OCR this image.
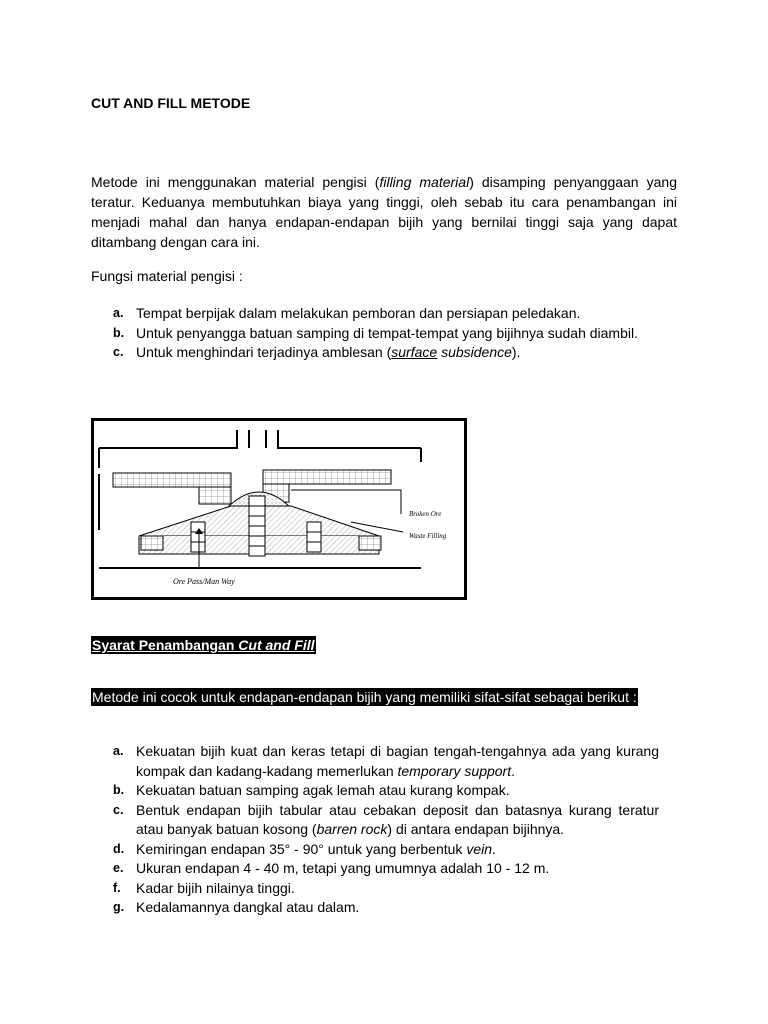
CUT AND FILL METODE
Metode ini menggunakan material pengisi (filling material) disamping penyanggaan yang teratur. Keduanya membutuhkan biaya yang tinggi, oleh sebab itu cara penambangan ini menjadi mahal dan hanya endapan-endapan bijih yang bernilai tinggi saja yang dapat ditambang dengan cara ini.
Fungsi material pengisi :
a. Tempat berpijak dalam melakukan pemboran dan persiapan peledakan.
b. Untuk penyangga batuan samping di tempat-tempat yang bijihnya sudah diambil.
c. Untuk menghindari terjadinya amblesan (surface subsidence).
Broken Ore
Waste Filling
Ore Pass/Man Way
Syarat Penambangan Cut and Fill
Metode ini cocok untuk endapan-endapan bijih yang memiliki sifat-sifat sebagai berikut :
a. Kekuatan bijih kuat dan keras tetapi di bagian tengah-tengahnya ada yang kurang kompak dan kadang-kadang memerlukan temporary support.
b. Kekuatan batuan samping agak lemah atau kurang kompak.
c. Bentuk endapan bijih tabular atau cebakan deposit dan batasnya kurang teratur atau banyak batuan kosong (barren rock) di antara endapan bijihnya.
d. Kemiringan endapan 35° - 90° untuk yang berbentuk vein.
e. Ukuran endapan 4 - 40 m, tetapi yang umumnya adalah 10 - 12 m.
f. Kadar bijih nilainya tinggi.
g. Kedalamannya dangkal atau dalam.
